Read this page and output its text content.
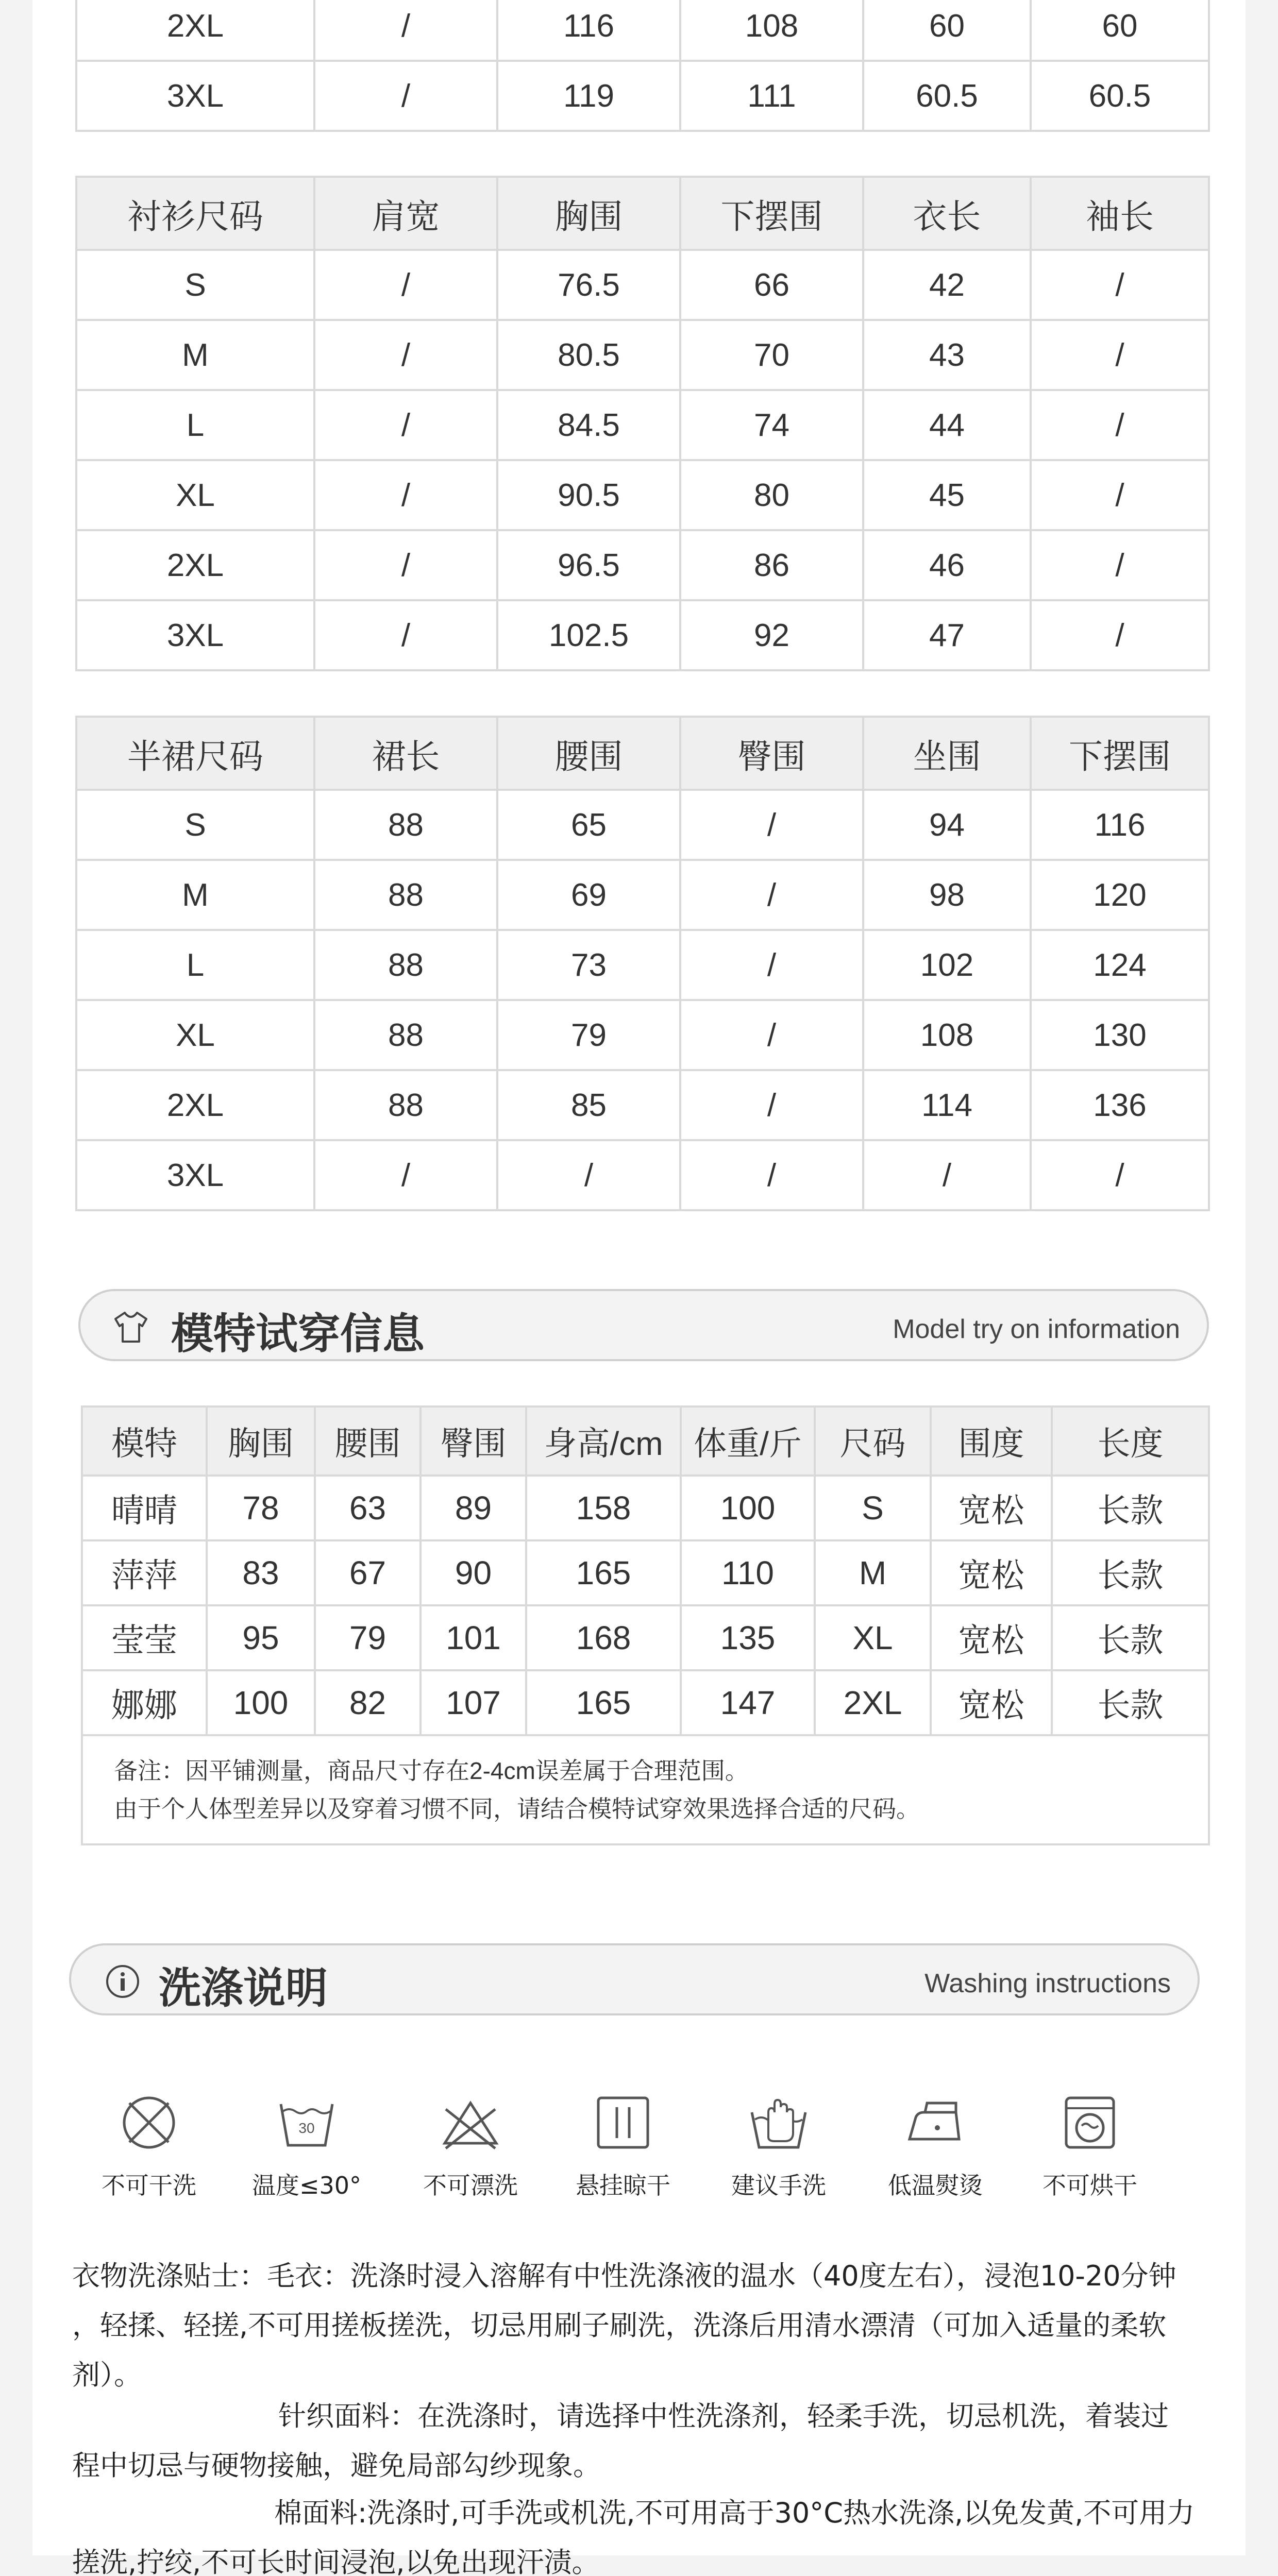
2XL	/	116	108	60	60
3XL	/	119	111	60.5	60.5
衬衫尺码	肩宽	胸围	下摆围	衣长	袖长
S	/	76.5	66	42	/
M	/	80.5	70	43	/
L	/	84.5	74	44	/
XL	/	90.5	80	45	/
2XL	/	96.5	86	46	/
3XL	/	102.5	92	47	/
半裙尺码	裙长	腰围	臀围	坐围	下摆围
S	88	65	/	94	116
M	88	69	/	98	120
L	88	73	/	102	124
XL	88	79	/	108	130
2XL	88	85	/	114	136
3XL	/	/	/	/	/
模特试穿信息	Model try on information
模特	胸围	腰围	臀围	身高/cm	体重/斤	尺码	围度	长度
晴晴	78	63	89	158	100	S	宽松	长款
萍萍	83	67	90	165	110	M	宽松	长款
莹莹	95	79	101	168	135	XL	宽松	长款
娜娜	100	82	107	165	147	2XL	宽松	长款

备注：因平铺测量，商品尺寸存在2-4cm误差属于合理范围。
由于个人体型差异以及穿着习惯不同，请结合模特试穿效果选择合适的尺码。								
洗涤说明	Washing instructions
不可干洗
30
温度≤30°	不可漂洗	悬挂晾干	建议手洗	低温熨烫	不可烘干
衣物洗涤贴士：毛衣：洗涤时浸入溶解有中性洗涤液的温水（40度左右），浸泡10-20分钟
，轻揉、轻搓,不可用搓板搓洗，切忌用刷子刷洗，洗涤后用清水漂清（可加入适量的柔软
剂）。
针织面料：在洗涤时，请选择中性洗涤剂，轻柔手洗，切忌机洗，着装过
程中切忌与硬物接触，避免局部勾纱现象。
棉面料:洗涤时,可手洗或机洗,不可用高于30°C热水洗涤,以免发黄,不可用力
搓洗,拧绞,不可长时间浸泡,以免出现汗渍。
